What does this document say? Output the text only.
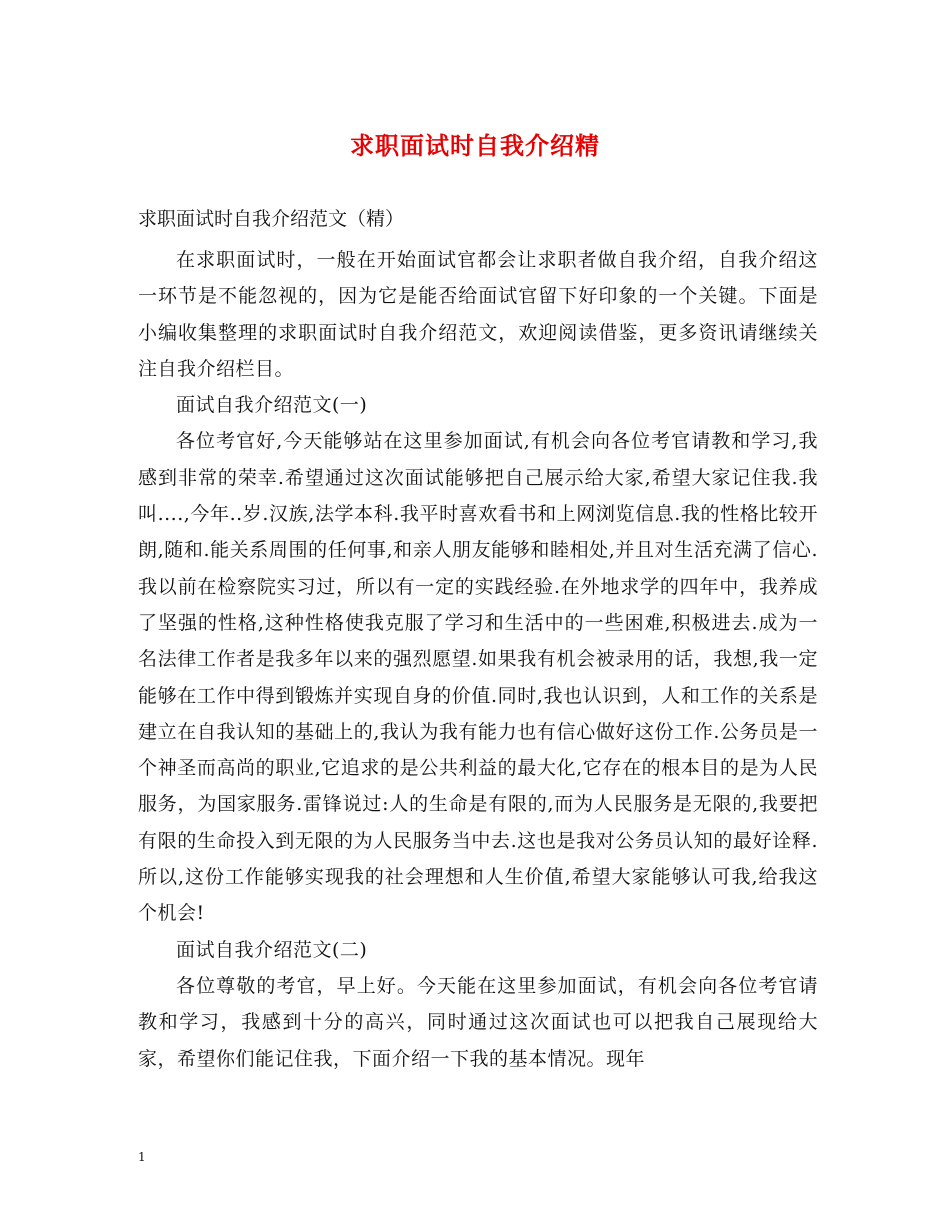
求职面试时自我介绍精
求职面试时自我介绍范文（精）

在求职面试时，一般在开始面试官都会让求职者做自我介绍，自我介绍这一环节是不能忽视的，因为它是能否给面试官留下好印象的一个关键。下面是小编收集整理的求职面试时自我介绍范文，欢迎阅读借鉴，更多资讯请继续关注自我介绍栏目。

面试自我介绍范文(一)

各位考官好,今天能够站在这里参加面试,有机会向各位考官请教和学习,我感到非常的荣幸.希望通过这次面试能够把自己展示给大家,希望大家记住我.我叫....,今年..岁.汉族,法学本科.我平时喜欢看书和上网浏览信息.我的性格比较开朗,随和.能关系周围的任何事,和亲人朋友能够和睦相处,并且对生活充满了信心.我以前在检察院实习过，所以有一定的实践经验.在外地求学的四年中，我养成了坚强的性格,这种性格使我克服了学习和生活中的一些困难,积极进去.成为一名法律工作者是我多年以来的强烈愿望.如果我有机会被录用的话，我想,我一定能够在工作中得到锻炼并实现自身的价值.同时,我也认识到，人和工作的关系是建立在自我认知的基础上的,我认为我有能力也有信心做好这份工作.公务员是一个神圣而高尚的职业,它追求的是公共利益的最大化,它存在的根本目的是为人民服务，为国家服务.雷锋说过:人的生命是有限的,而为人民服务是无限的,我要把有限的生命投入到无限的为人民服务当中去.这也是我对公务员认知的最好诠释.所以,这份工作能够实现我的社会理想和人生价值,希望大家能够认可我,给我这个机会!

面试自我介绍范文(二)

各位尊敬的考官，早上好。今天能在这里参加面试，有机会向各位考官请教和学习，我感到十分的高兴，同时通过这次面试也可以把我自己展现给大家，希望你们能记住我，下面介绍一下我的基本情况。现年

1
